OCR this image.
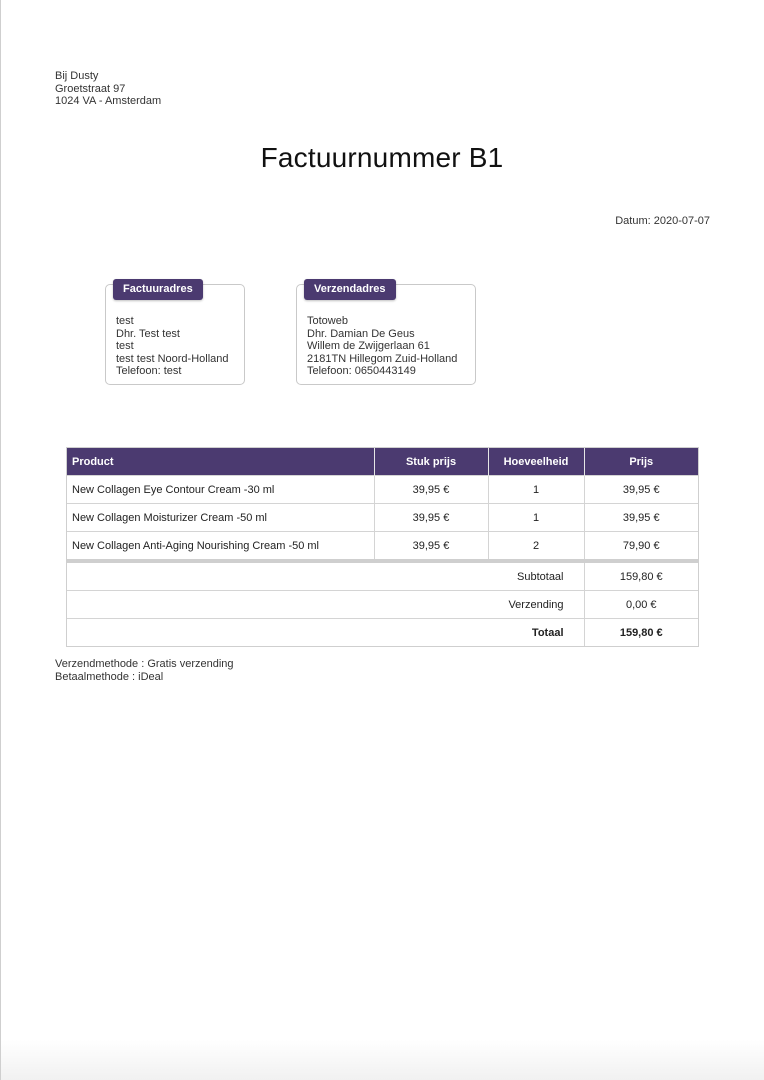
Bij Dusty
Groetstraat 97
1024 VA - Amsterdam
Factuurnummer B1
Datum: 2020-07-07
Factuuradres
test
Dhr. Test test
test
test test Noord-Holland
Telefoon: test
Verzendadres
Totoweb
Dhr. Damian De Geus
Willem de Zwijgerlaan 61
2181TN Hillegom Zuid-Holland
Telefoon: 0650443149
Product	Stuk prijs	Hoeveelheid	Prijs
New Collagen Eye Contour Cream -30 ml	39,95 €	1	39,95 €
New Collagen Moisturizer Cream -50 ml	39,95 €	1	39,95 €
New Collagen Anti-Aging Nourishing Cream -50 ml	39,95 €	2	79,90 €
Subtotaal	159,80 €
Verzending	0,00 €
Totaal	159,80 €
Verzendmethode : Gratis verzending
Betaalmethode : iDeal
